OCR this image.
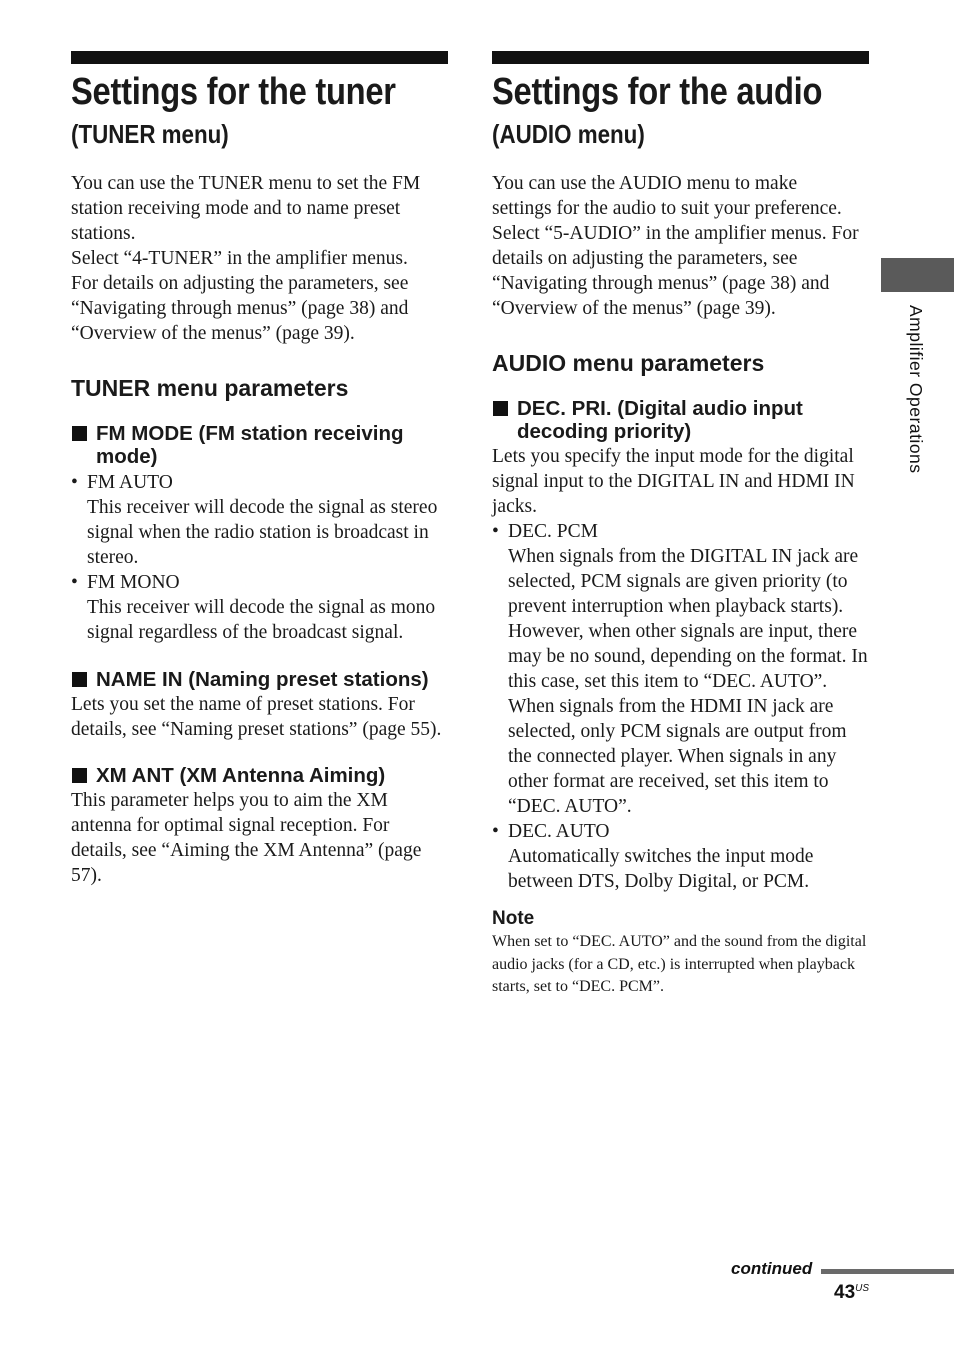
Settings for the tuner
(TUNER menu)

You can use the TUNER menu to set the FM

station receiving mode and to name preset

stations.

Select “4-TUNER” in the amplifier menus.

For details on adjusting the parameters, see

“Navigating through menus” (page 38) and

“Overview of the menus” (page 39).

TUNER menu parameters
FM MODE (FM station receiving mode)
• FM AUTO
This receiver will decode the signal as stereo signal when the radio station is broadcast in stereo.
• FM MONO
This receiver will decode the signal as mono signal regardless of the broadcast signal.
NAME IN (Naming preset stations)

Lets you set the name of preset stations. For details, see “Naming preset stations” (page 55).

XM ANT (XM Antenna Aiming)

This parameter helps you to aim the XM antenna for optimal signal reception. For details, see “Aiming the XM Antenna” (page 57).

Settings for the audio
(AUDIO menu)

You can use the AUDIO menu to make

settings for the audio to suit your preference.

Select “5-AUDIO” in the amplifier menus. For

details on adjusting the parameters, see

“Navigating through menus” (page 38) and

“Overview of the menus” (page 39).

AUDIO menu parameters
DEC. PRI. (Digital audio input decoding priority)

Lets you specify the input mode for the digital signal input to the DIGITAL IN and HDMI IN jacks.

• DEC. PCM
When signals from the DIGITAL IN jack are selected, PCM signals are given priority (to prevent interruption when playback starts). However, when other signals are input, there may be no sound, depending on the format. In this case, set this item to “DEC. AUTO”. When signals from the HDMI IN jack are selected, only PCM signals are output from the connected player. When signals in any other format are received, set this item to “DEC. AUTO”.
• DEC. AUTO
Automatically switches the input mode between DTS, Dolby Digital, or PCM.
Note

When set to “DEC. AUTO” and the sound from the digital audio jacks (for a CD, etc.) is interrupted when playback starts, set to “DEC. PCM”.

Amplifier Operations
continued
$43^{US}$
